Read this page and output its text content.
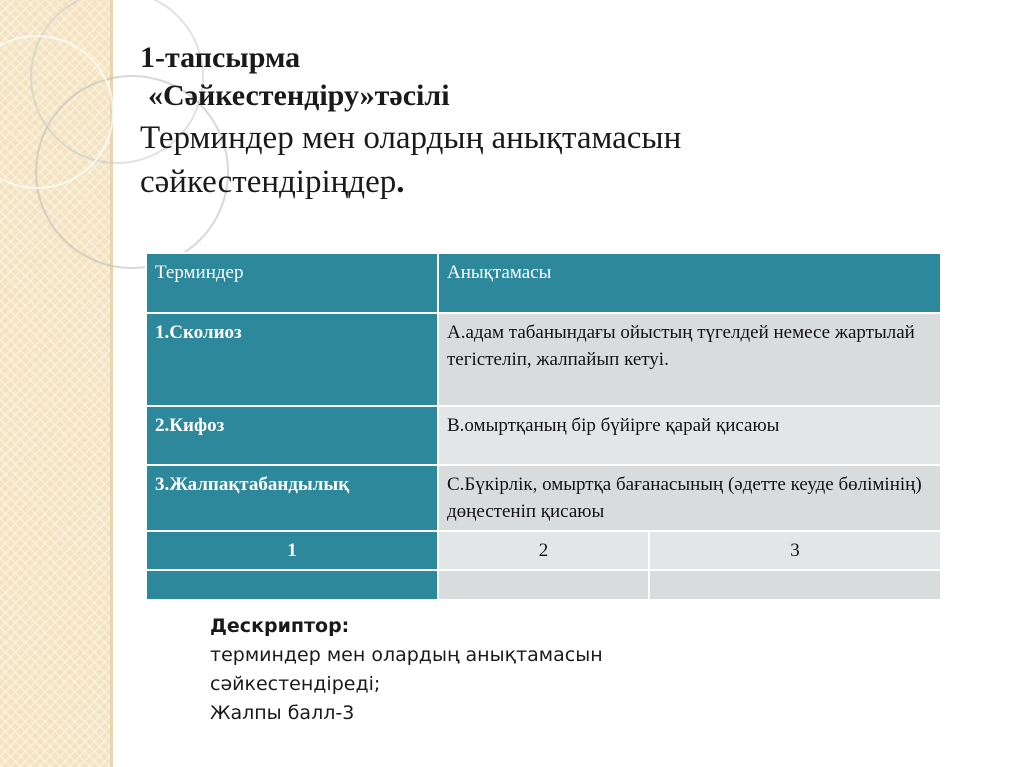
1-тапсырма
«Сәйкестендіру»тәсілі
Терминдер мен олардың анықтамасын
сәйкестендіріңдер.
Терминдер	Анықтамасы	
1.Сколиоз	А.адам табанындағы ойыстың түгелдей немесе жартылай тегістеліп, жалпайып кетуі.	
2.Кифоз	В.омыртқаның бір бүйірге қарай қисаюы	
3.Жалпақтабандылық	С.Бүкірлік, омыртқа бағанасының (әдетте кеуде бөлімінің) дөңестеніп қисаюы	
1	2	3

Дескриптор:
терминдер мен олардың анықтамасын
сәйкестендіреді;
Жалпы балл-3
